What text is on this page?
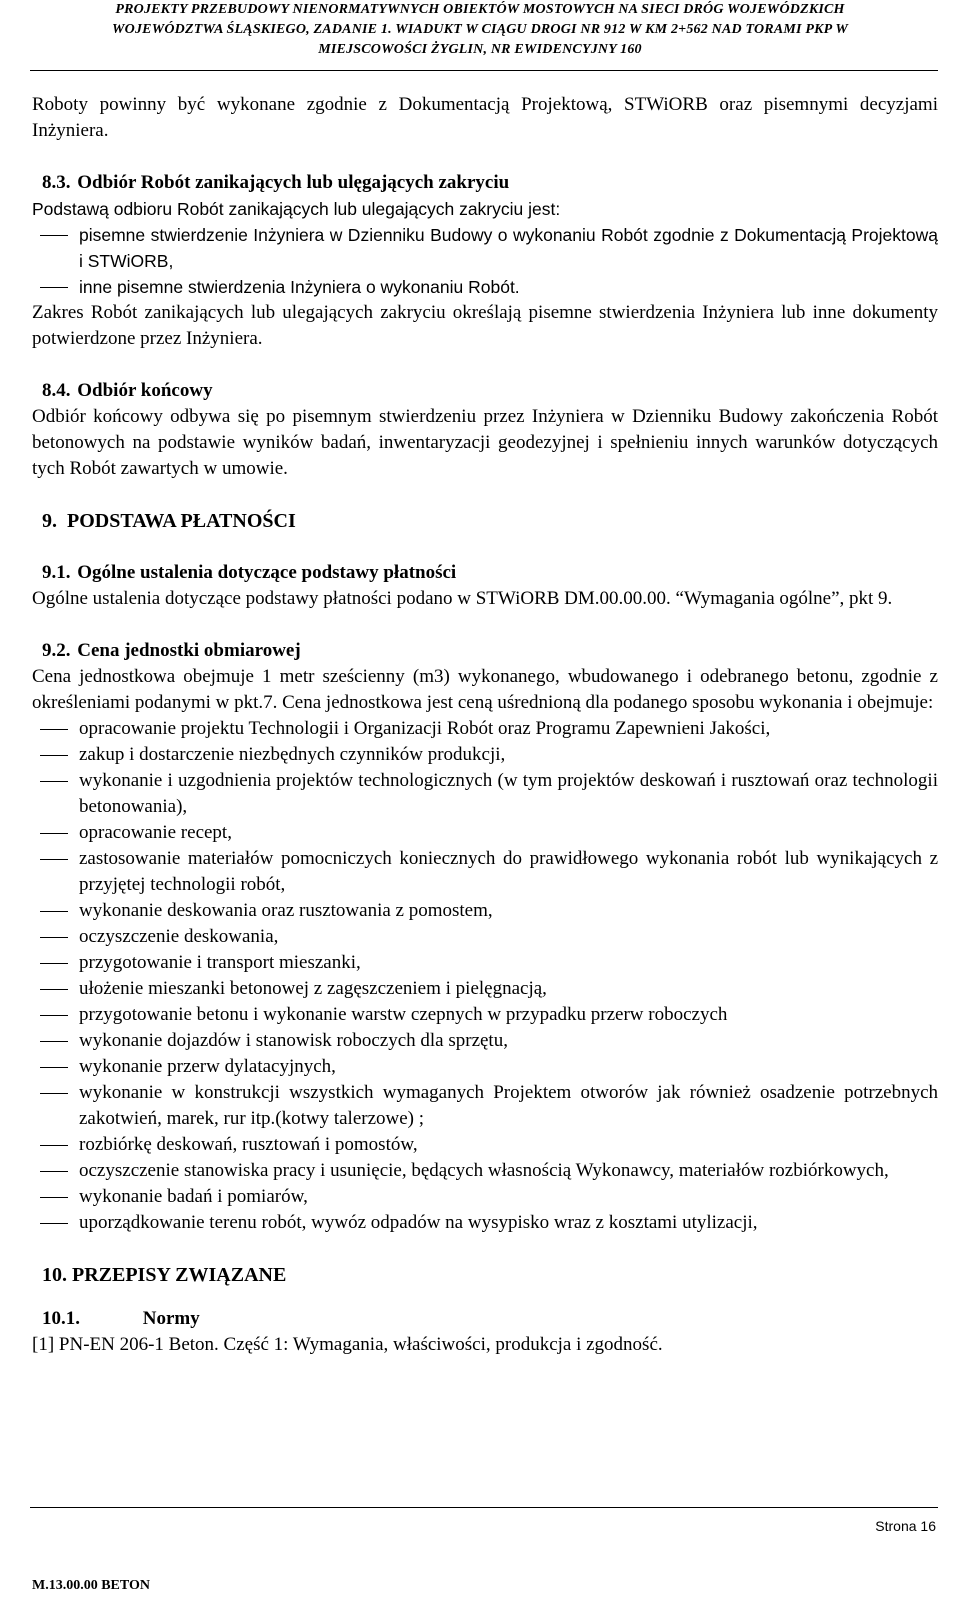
PROJEKTY PRZEBUDOWY NIENORMATYWNYCH OBIEKTÓW MOSTOWYCH NA SIECI DRÓG WOJEWÓDZKICH
WOJEWÓDZTWA ŚLĄSKIEGO, ZADANIE 1. WIADUKT W CIĄGU DROGI NR 912 W KM 2+562 NAD TORAMI PKP W
MIEJSCOWOŚCI ŻYGLIN, NR EWIDENCYJNY 160

Roboty powinny być wykonane zgodnie z Dokumentacją Projektową, STWiORB oraz pisemnymi decyzjami Inżyniera.

8.3. Odbiór Robót zanikających lub ulęgających zakryciu

Podstawą odbioru Robót zanikających lub ulegających zakryciu jest:

pisemne stwierdzenie Inżyniera w Dzienniku Budowy o wykonaniu Robót zgodnie z Dokumentacją Projektową i STWiORB,
inne pisemne stwierdzenia Inżyniera o wykonaniu Robót.

Zakres Robót zanikających lub ulegających zakryciu określają pisemne stwierdzenia Inżyniera lub inne dokumenty potwierdzone przez Inżyniera.

8.4. Odbiór końcowy

Odbiór końcowy odbywa się po pisemnym stwierdzeniu przez Inżyniera w Dzienniku Budowy zakończenia Robót betonowych na podstawie wyników badań, inwentaryzacji geodezyjnej i spełnieniu innych warunków dotyczących tych Robót zawartych w umowie.

9. PODSTAWA PŁATNOŚCI
9.1. Ogólne ustalenia dotyczące podstawy płatności

Ogólne ustalenia dotyczące podstawy płatności podano w STWiORB DM.00.00.00. “Wymagania ogólne”, pkt 9.

9.2. Cena jednostki obmiarowej

Cena jednostkowa obejmuje 1 metr sześcienny (m3) wykonanego, wbudowanego i odebranego betonu, zgodnie z określeniami podanymi w pkt.7. Cena jednostkowa jest ceną uśrednioną dla podanego sposobu wykonania i obejmuje:

opracowanie projektu Technologii i Organizacji Robót oraz Programu Zapewnieni Jakości,
zakup i dostarczenie niezbędnych czynników produkcji,
wykonanie i uzgodnienia projektów technologicznych (w tym projektów deskowań i rusztowań oraz technologii betonowania),
opracowanie recept,
zastosowanie materiałów pomocniczych koniecznych do prawidłowego wykonania robót lub wynikających z przyjętej technologii robót,
wykonanie deskowania oraz rusztowania z pomostem,
oczyszczenie deskowania,
przygotowanie i transport mieszanki,
ułożenie mieszanki betonowej z zagęszczeniem i pielęgnacją,
przygotowanie betonu i wykonanie warstw czepnych w przypadku przerw roboczych
wykonanie dojazdów i stanowisk roboczych dla sprzętu,
wykonanie przerw dylatacyjnych,
wykonanie w konstrukcji wszystkich wymaganych Projektem otworów jak również osadzenie potrzebnych zakotwień, marek, rur itp.(kotwy talerzowe) ;
rozbiórkę deskowań, rusztowań i pomostów,
oczyszczenie stanowiska pracy i usunięcie, będących własnością Wykonawcy, materiałów rozbiórkowych,
wykonanie badań i pomiarów,
uporządkowanie terenu robót, wywóz odpadów na wysypisko wraz z kosztami utylizacji,
10. PRZEPISY ZWIĄZANE
10.1.	Normy

[1] PN-EN 206-1 Beton. Część 1: Wymagania, właściwości, produkcja i zgodność.

Strona 16
M.13.00.00 BETON
